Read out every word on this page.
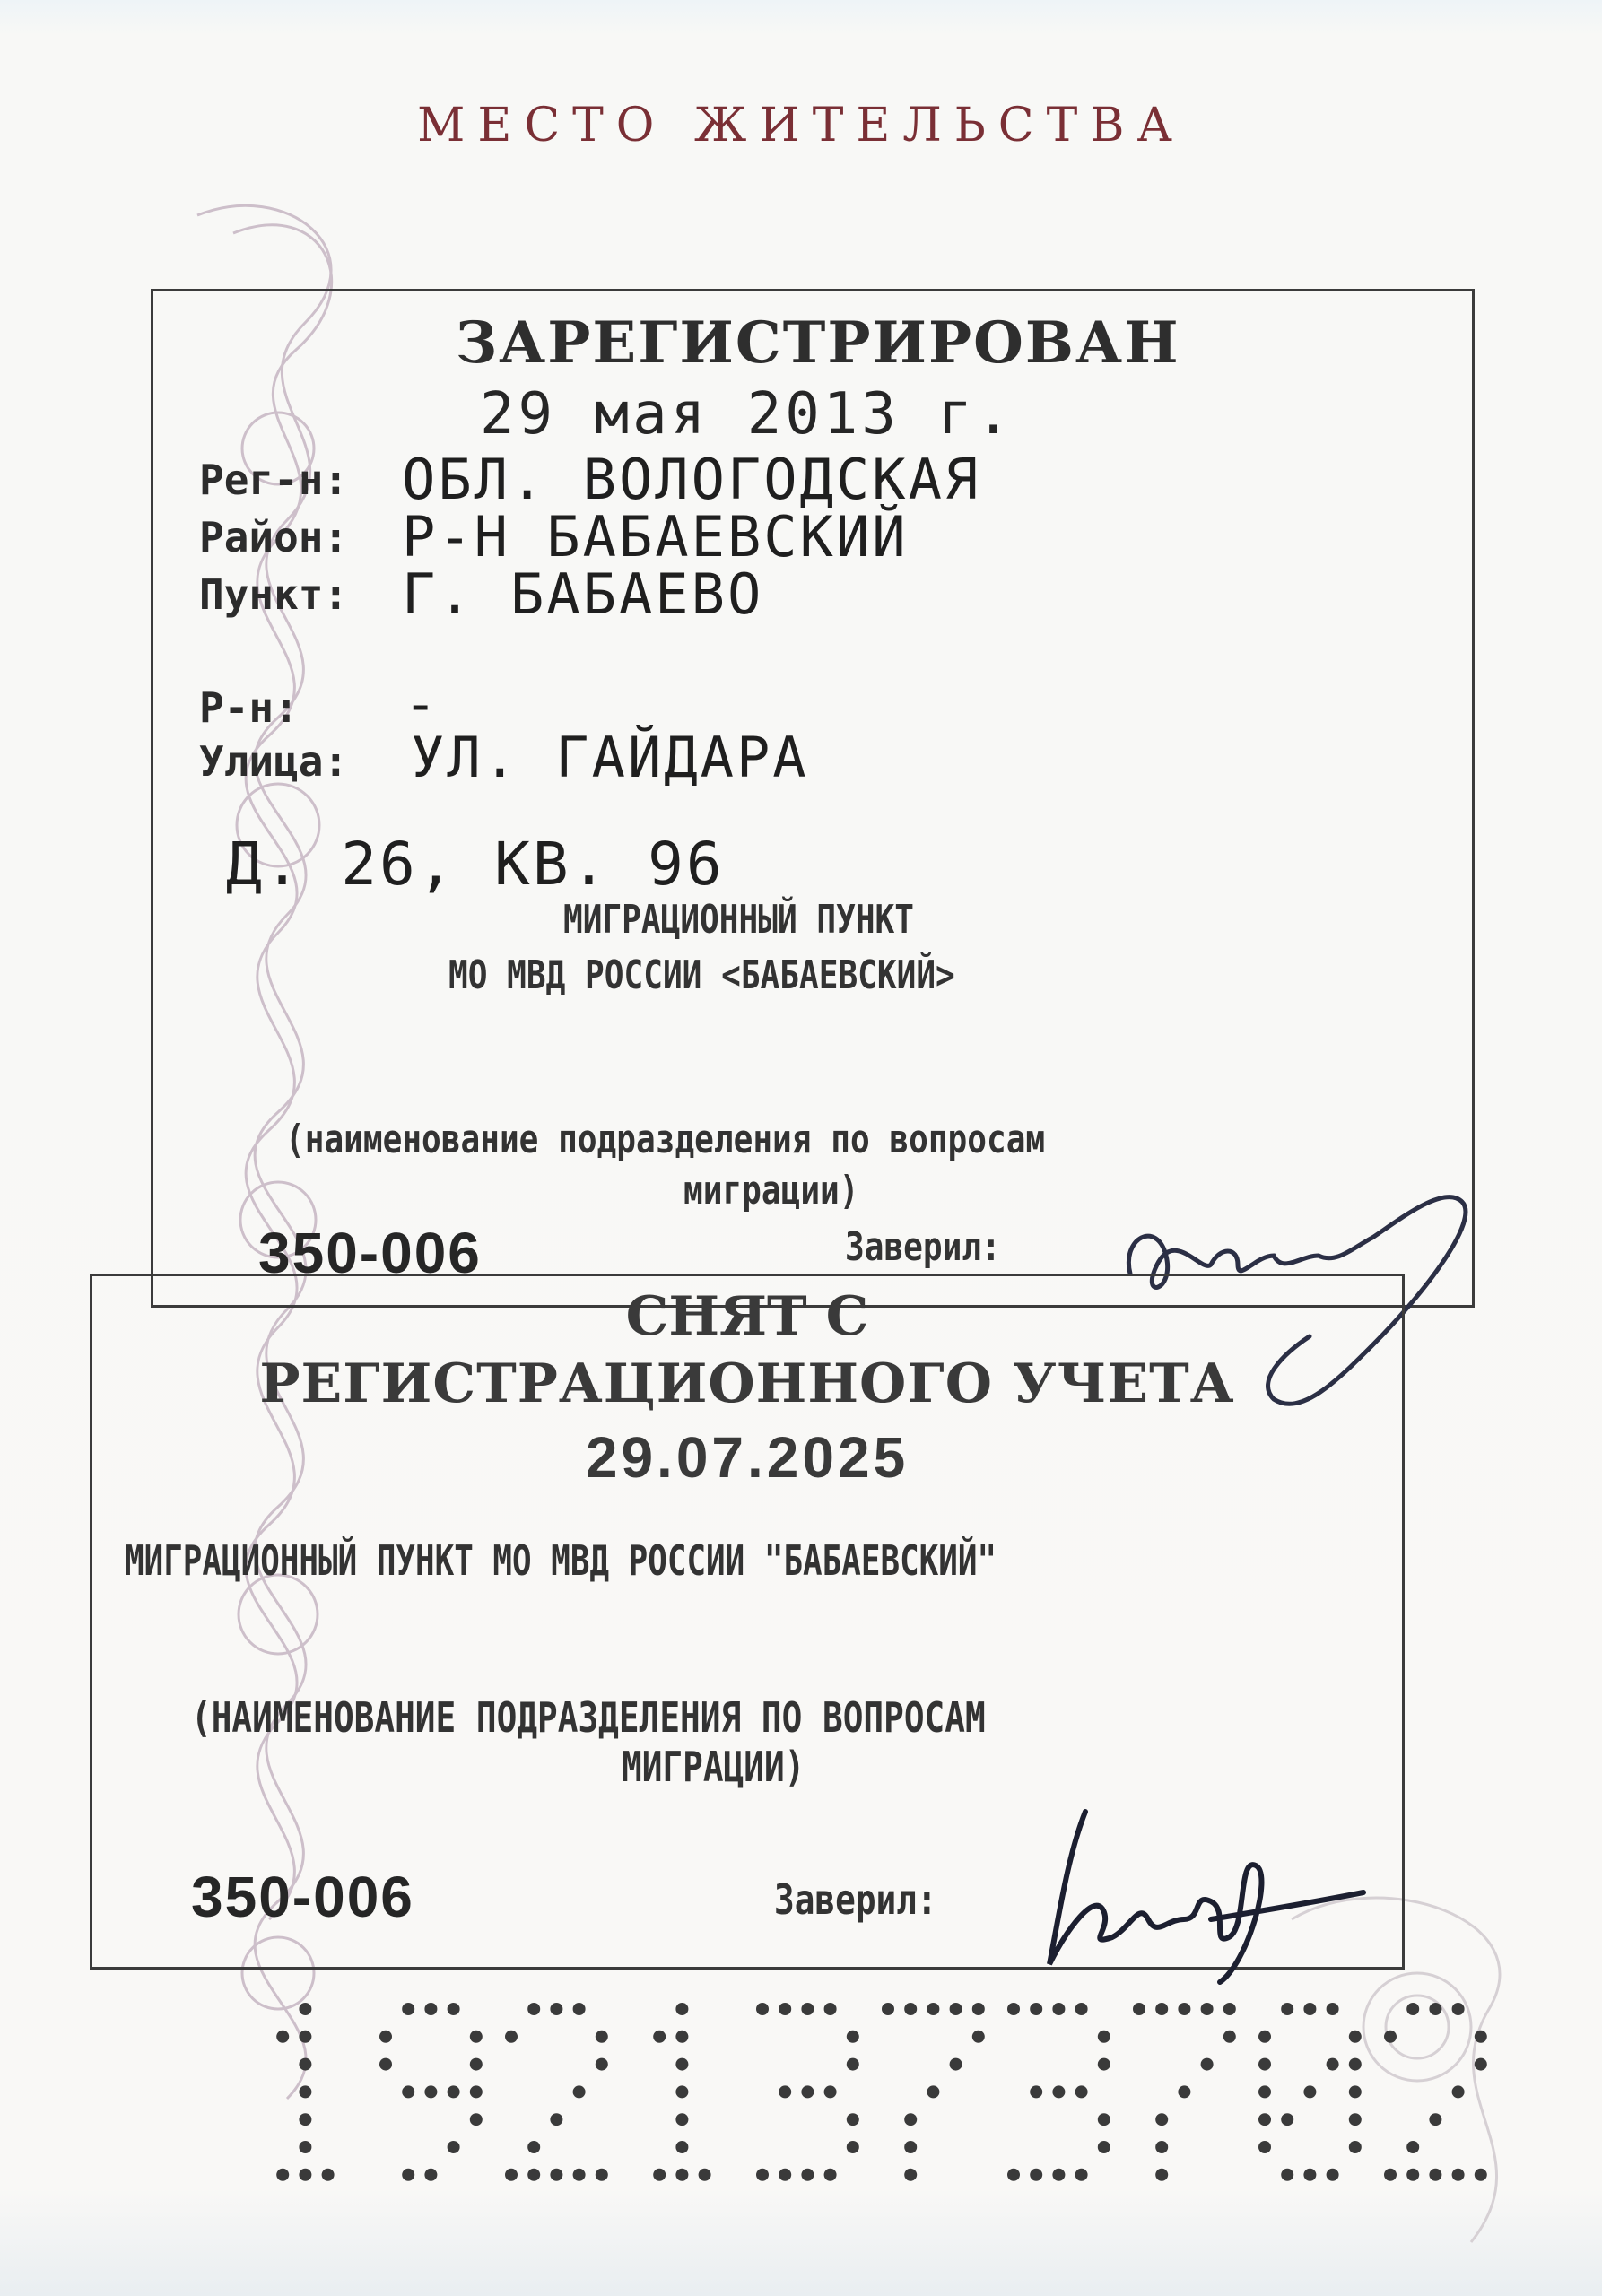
МЕСТО ЖИТЕЛЬСТВА
ЗАРЕГИСТРИРОВАН
29 мая 2013 г.
Рег-н: ОБЛ. ВОЛОГОДСКАЯ
Район: Р-Н БАБАЕВСКИЙ
Пункт: Г. БАБАЕВО
Р-н: -
Улица: УЛ. ГАЙДАРА
Д. 26, КВ. 96
МИГРАЦИОННЫЙ ПУНКТ
МО МВД РОССИИ <БАБАЕВСКИЙ>
(наименование подразделения по вопросам
миграции)
350-006	Заверил:
СНЯТ С
РЕГИСТРАЦИОННОГО УЧЕТА
29.07.2025
МИГРАЦИОННЫЙ ПУНКТ МО МВД РОССИИ "БАБАЕВСКИЙ"
(НАИМЕНОВАНИЕ ПОДРАЗДЕЛЕНИЯ ПО ВОПРОСАМ
МИГРАЦИИ)
350-006	Заверил:
